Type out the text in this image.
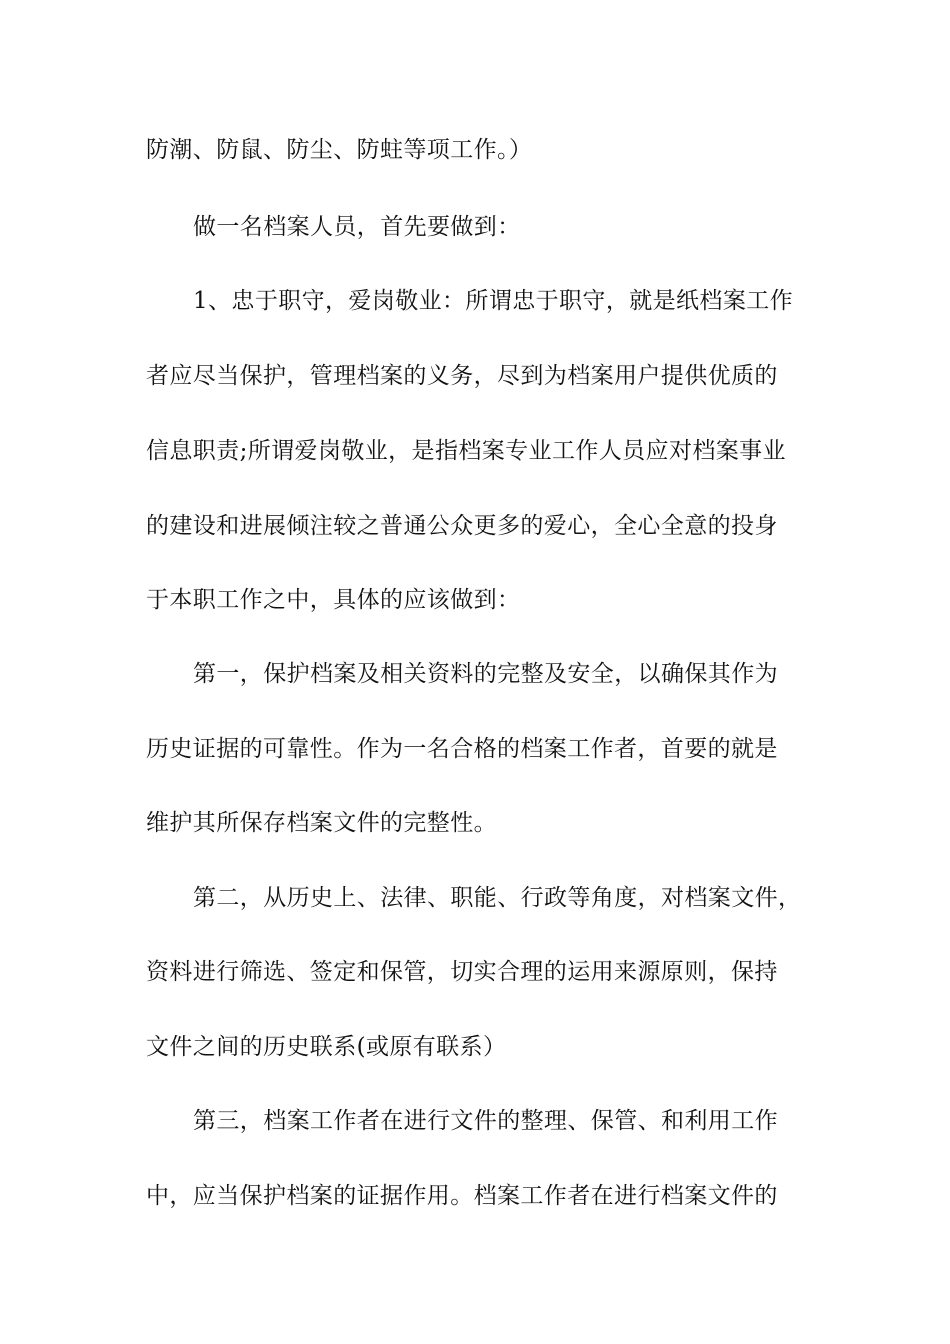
防潮、防鼠、防尘、防蛀等项工作。）
做一名档案人员，首先要做到：
1、忠于职守，爱岗敬业：所谓忠于职守，就是纸档案工作
者应尽当保护，管理档案的义务，尽到为档案用户提供优质的
信息职责;所谓爱岗敬业，是指档案专业工作人员应对档案事业
的建设和进展倾注较之普通公众更多的爱心，全心全意的投身
于本职工作之中，具体的应该做到：
第一，保护档案及相关资料的完整及安全，以确保其作为
历史证据的可靠性。作为一名合格的档案工作者，首要的就是
维护其所保存档案文件的完整性。
第二，从历史上、法律、职能、行政等角度，对档案文件，
资料进行筛选、签定和保管，切实合理的运用来源原则，保持
文件之间的历史联系(或原有联系）
第三，档案工作者在进行文件的整理、保管、和利用工作
中，应当保护档案的证据作用。档案工作者在进行档案文件的
